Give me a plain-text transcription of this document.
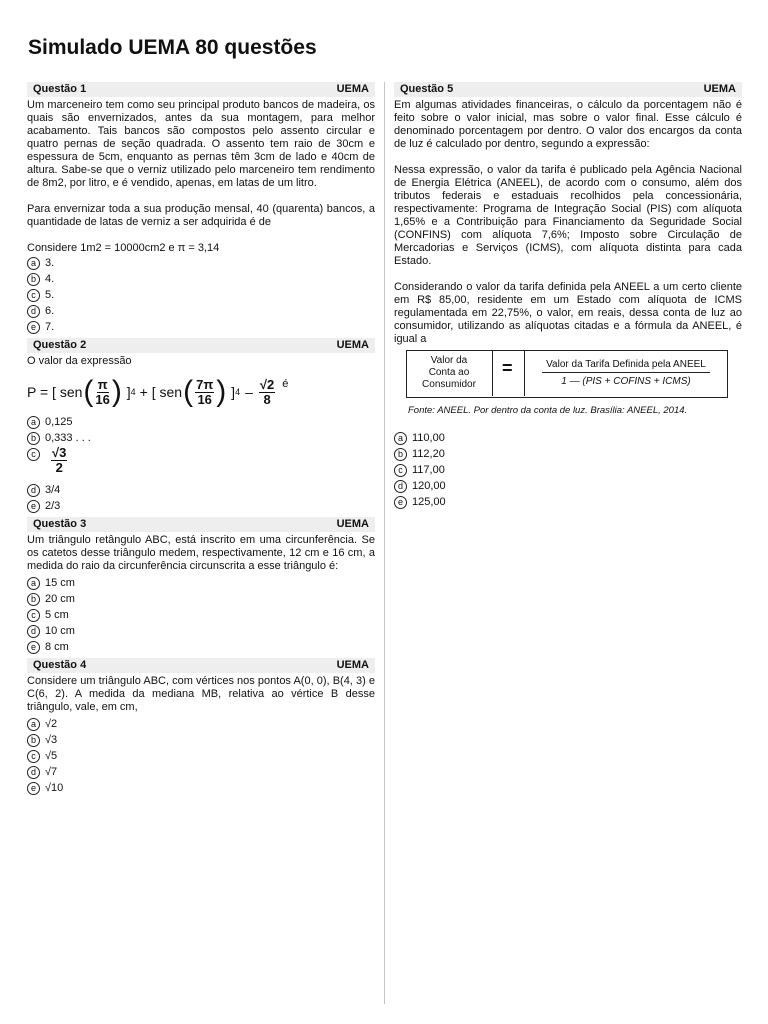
Simulado UEMA 80 questões
Questão 1	UEMA

Um marceneiro tem como seu principal produto bancos de madeira, os quais são envernizados, antes da sua montagem, para melhor acabamento. Tais bancos são compostos pelo assento circular e quatro pernas de seção quadrada. O assento tem raio de 30cm e espessura de 5cm, enquanto as pernas têm 3cm de lado e 40cm de altura. Sabe-se que o verniz utilizado pelo marceneiro tem rendimento de 8m2, por litro, e é vendido, apenas, em latas de um litro.

Para envernizar toda a sua produção mensal, 40 (quarenta) bancos, a quantidade de latas de verniz a ser adquirida é de

Considere 1m2 = 10000cm2 e π = 3,14

a 3.
b 4.
c 5.
d 6.
e 7.
Questão 2	UEMA

O valor da expressão

P = [ sen ( $\frac{\pi}{16}$ ) ] 4 + [ sen ( $\frac{7\pi}{16}$ ) ] $4 - \frac{√2}{8}$ é
a 0,125
b 0,333 . . .
c	$\frac{√3}{2}$
d 3/4
e 2/3
Questão 3	UEMA

Um triângulo retângulo ABC, está inscrito em uma circunferência. Se os catetos desse triângulo medem, respectivamente, 12 cm e 16 cm, a medida do raio da circunferência circunscrita a esse triângulo é:

a 15 cm
b 20 cm
c 5 cm
d 10 cm
e 8 cm
Questão 4	UEMA

Considere um triângulo ABC, com vértices nos pontos A(0, 0), B(4, 3) e C(6, 2). A medida da mediana MB, relativa ao vértice B desse triângulo, vale, em cm,

a √2
b √3
c √5
d √7
e √10
Questão 5	UEMA

Em algumas atividades financeiras, o cálculo da porcentagem não é feito sobre o valor inicial, mas sobre o valor final. Esse cálculo é denominado porcentagem por dentro. O valor dos encargos da conta de luz é calculado por dentro, segundo a expressão:

Nessa expressão, o valor da tarifa é publicado pela Agência Nacional de Energia Elétrica (ANEEL), de acordo com o consumo, além dos tributos federais e estaduais recolhidos pela concessionária, respectivamente: Programa de Integração Social (PIS) com alíquota 1,65% e a Contribuição para Financiamento da Seguridade Social (CONFINS) com alíquota 7,6%; Imposto sobre Circulação de Mercadorias e Serviços (ICMS), com alíquota distinta para cada Estado.

Considerando o valor da tarifa definida pela ANEEL a um certo cliente em R$ 85,00, residente em um Estado com alíquota de ICMS regulamentada em 22,75%, o valor, em reais, dessa conta de luz ao consumidor, utilizando as alíquotas citadas e a fórmula da ANEEL, é igual a

Valor da
Conta ao
Consumidor
=	Valor da Tarifa Definida pela ANEEL
1 — (PIS + COFINS + ICMS)
Fonte: ANEEL. Por dentro da conta de luz. Brasília: ANEEL, 2014.
a 110,00
b 112,20
c 117,00
d 120,00
e 125,00
